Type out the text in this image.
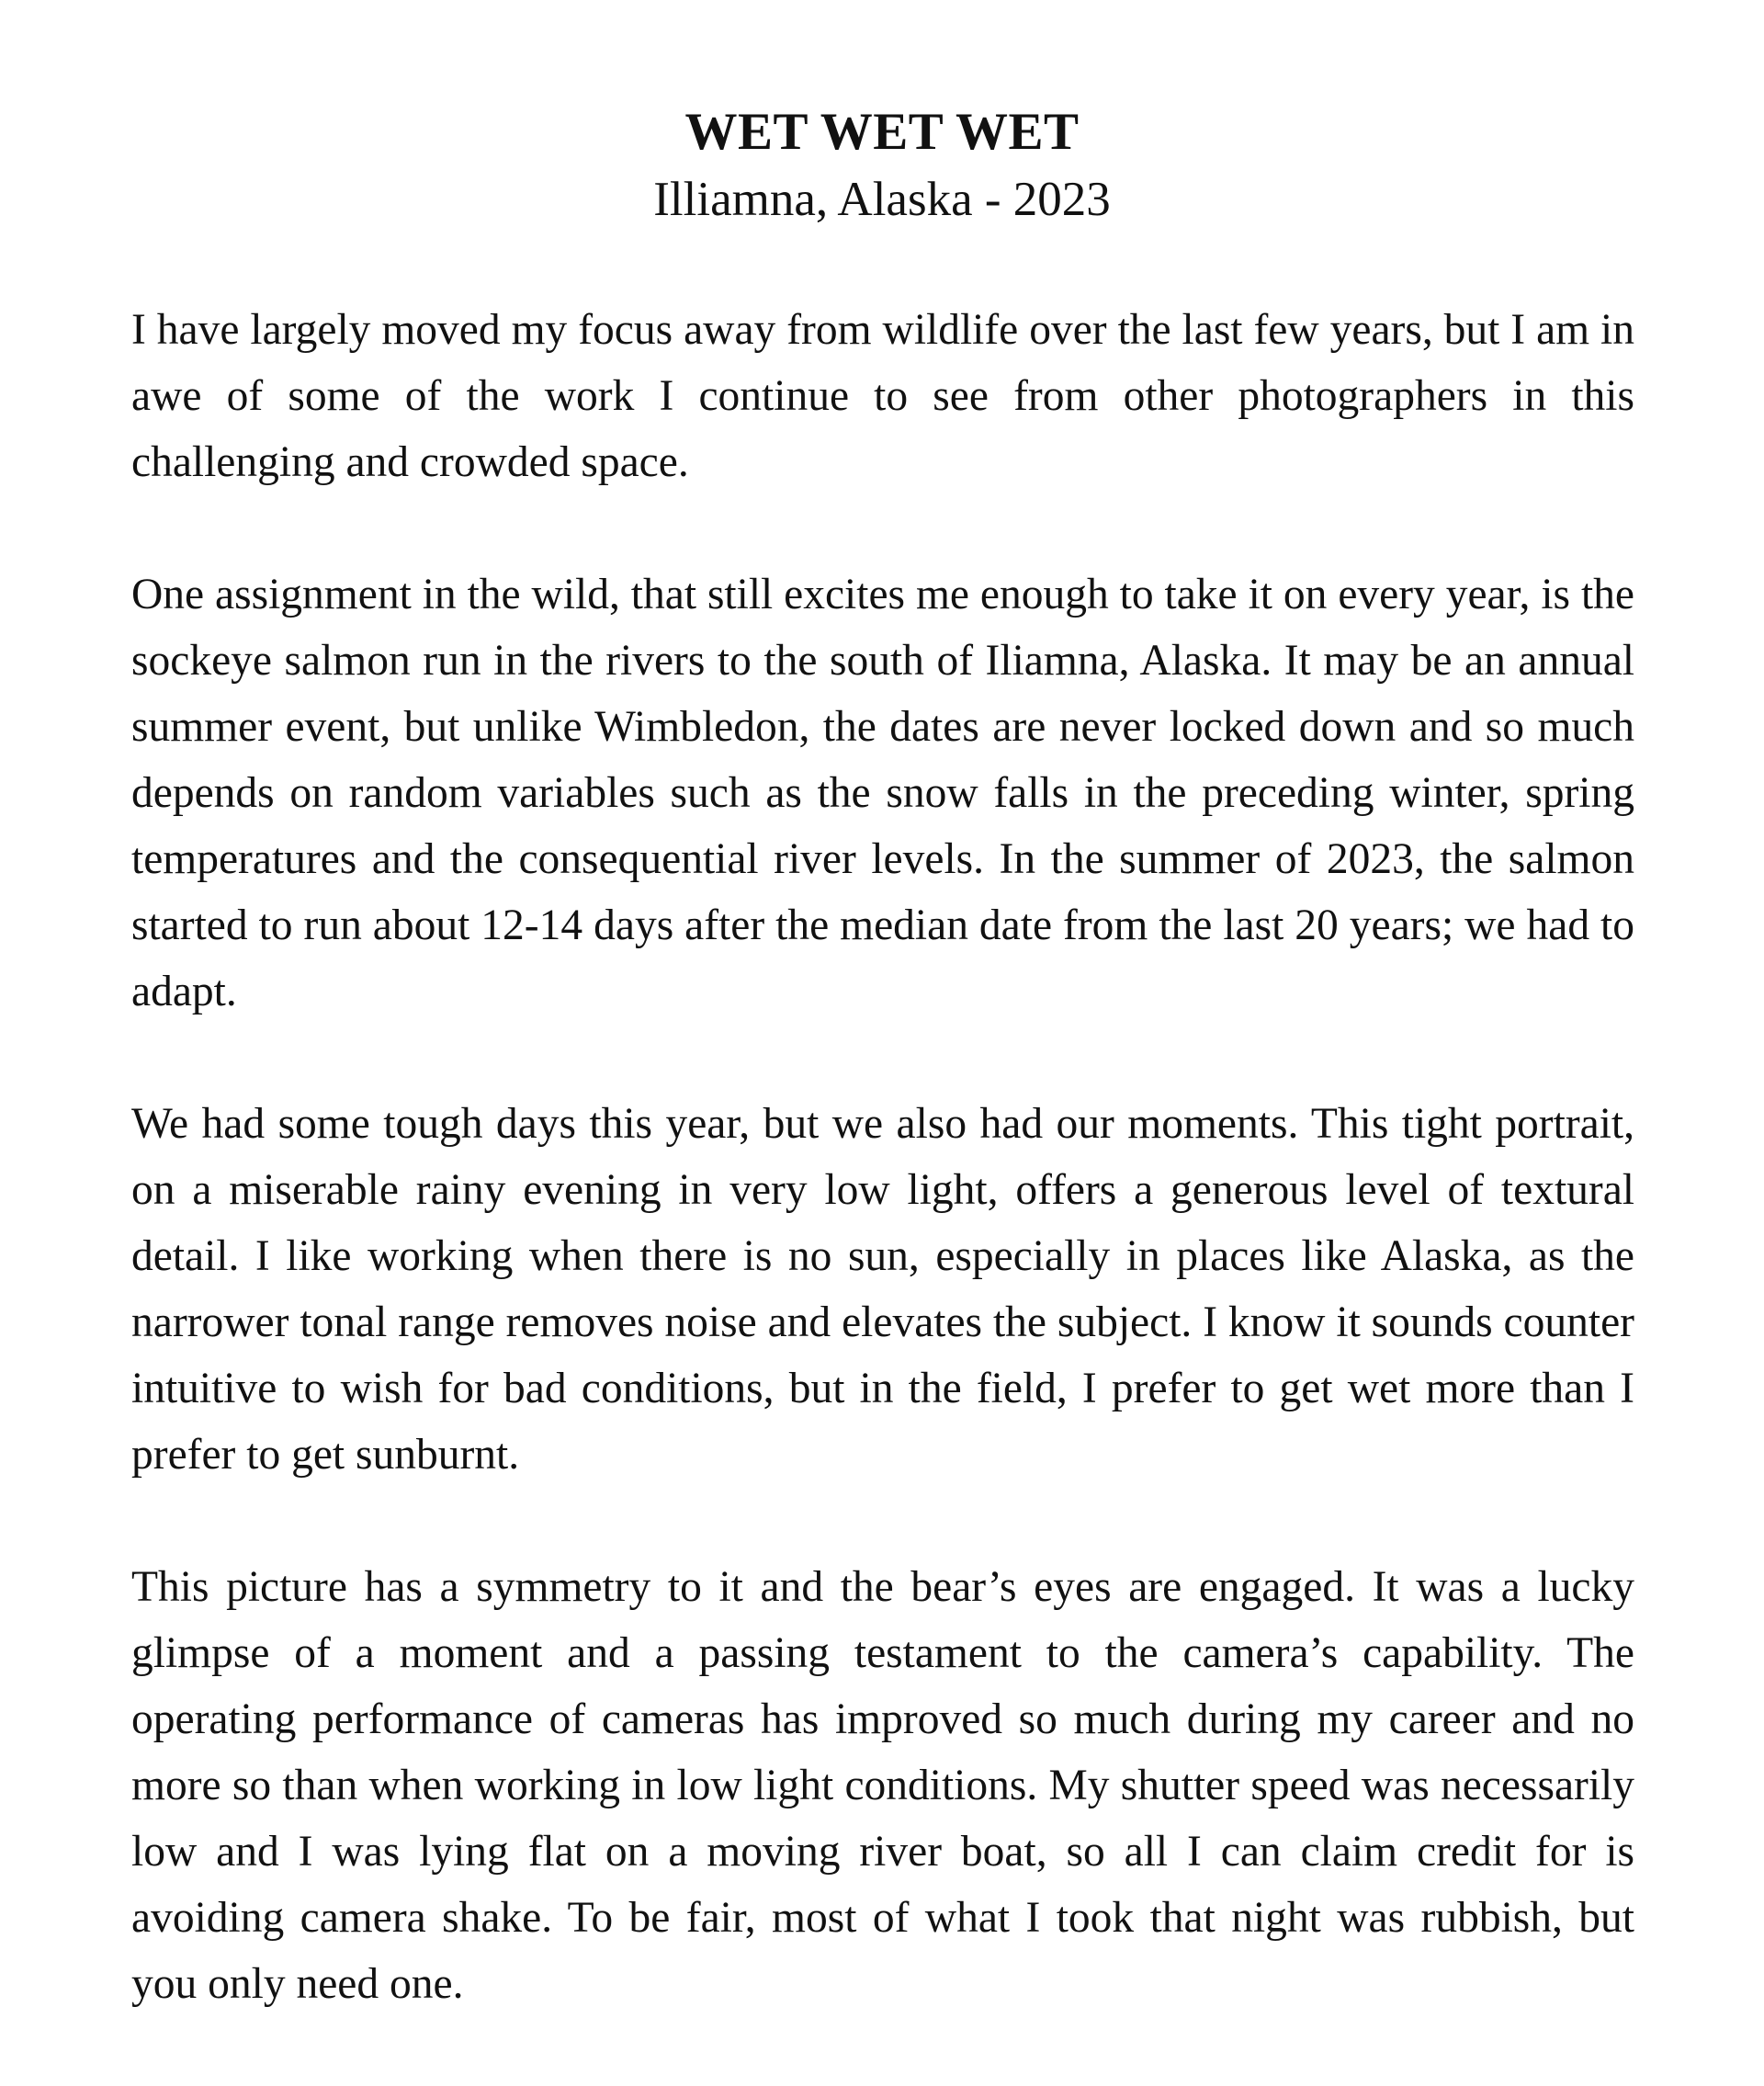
WET WET WET

Illiamna, Alaska - 2023

I have largely moved my focus away from wildlife over the last few years, but I am in awe of some of the work I continue to see from other photographers in this challenging and crowded space.

One assignment in the wild, that still excites me enough to take it on every year, is the sockeye salmon run in the rivers to the south of Iliamna, Alaska. It may be an annual summer event, but unlike Wimbledon, the dates are never locked down and so much depends on random variables such as the snow falls in the preceding winter, spring temperatures and the consequential river levels. In the summer of 2023, the salmon started to run about 12-14 days after the median date from the last 20 years; we had to adapt.

We had some tough days this year, but we also had our moments. This tight portrait, on a miserable rainy evening in very low light, offers a generous level of textural detail. I like working when there is no sun, especially in places like Alaska, as the narrower tonal range removes noise and elevates the subject. I know it sounds counter intuitive to wish for bad conditions, but in the field, I prefer to get wet more than I prefer to get sunburnt.

This picture has a symmetry to it and the bear’s eyes are engaged. It was a lucky glimpse of a moment and a passing testament to the camera’s capability. The operating performance of cameras has improved so much during my career and no more so than when working in low light conditions. My shutter speed was necessarily low and I was lying flat on a moving river boat, so all I can claim credit for is avoiding camera shake. To be fair, most of what I took that night was rubbish, but you only need one.
